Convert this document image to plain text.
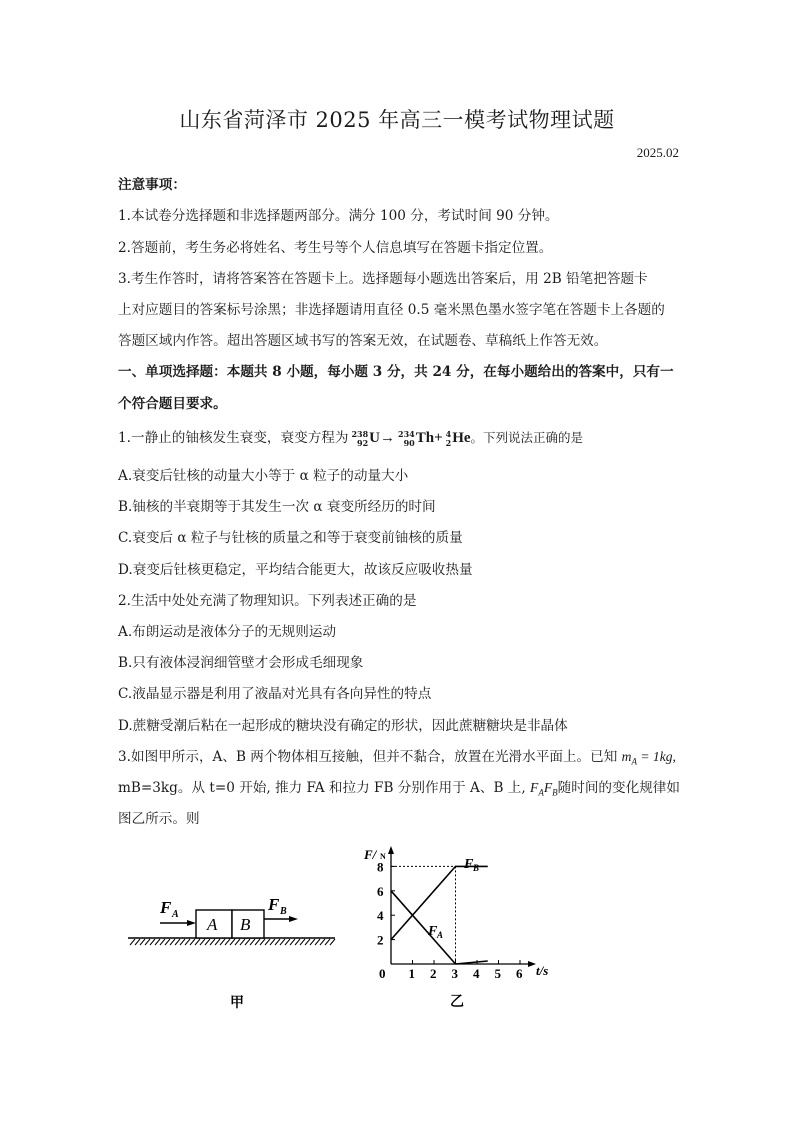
山东省菏泽市 2025 年高三一模考试物理试题
2025.02
注意事项：
1.本试卷分选择题和非选择题两部分。满分 100 分，考试时间 90 分钟。
2.答题前，考生务必将姓名、考生号等个人信息填写在答题卡指定位置。
3.考生作答时，请将答案答在答题卡上。选择题每小题选出答案后，用 2B 铅笔把答题卡
上对应题目的答案标号涂黑；非选择题请用直径 0.5 毫米黑色墨水签字笔在答题卡上各题的
答题区域内作答。超出答题区域书写的答案无效，在试题卷、草稿纸上作答无效。
一、单项选择题：本题共 8 小题，每小题 3 分，共 24 分，在每小题给出的答案中，只有一
个符合题目要求。
1.一静止的铀核发生衰变，衰变方程为 238
92U→ 234
90Th+ 4
2He。下列说法正确的是
A.衰变后钍核的动量大小等于 α 粒子的动量大小
B.铀核的半衰期等于其发生一次 α 衰变所经历的时间
C.衰变后 α 粒子与钍核的质量之和等于衰变前铀核的质量
D.衰变后钍核更稳定，平均结合能更大，故该反应吸收热量
2.生活中处处充满了物理知识。下列表述正确的是
A.布朗运动是液体分子的无规则运动
B.只有液体浸润细管壁才会形成毛细现象
C.液晶显示器是利用了液晶对光具有各向异性的特点
D.蔗糖受潮后粘在一起形成的糖块没有确定的形状，因此蔗糖糖块是非晶体
3.如图甲所示，A、B 两个物体相互接触，但并不黏合，放置在光滑水平面上。已知 $m_A = 1kg$,
mB=3kg。从 t=0 开始, 推力 FA 和拉力 FB 分别作用于 A、B 上, $F_AF_B$随时间的变化规律如
图乙所示。则
A B
F A
F B
甲
8
6
4
2
0 1 2 3 4 5 6
F/ N
t/s
F B
F A
乙
